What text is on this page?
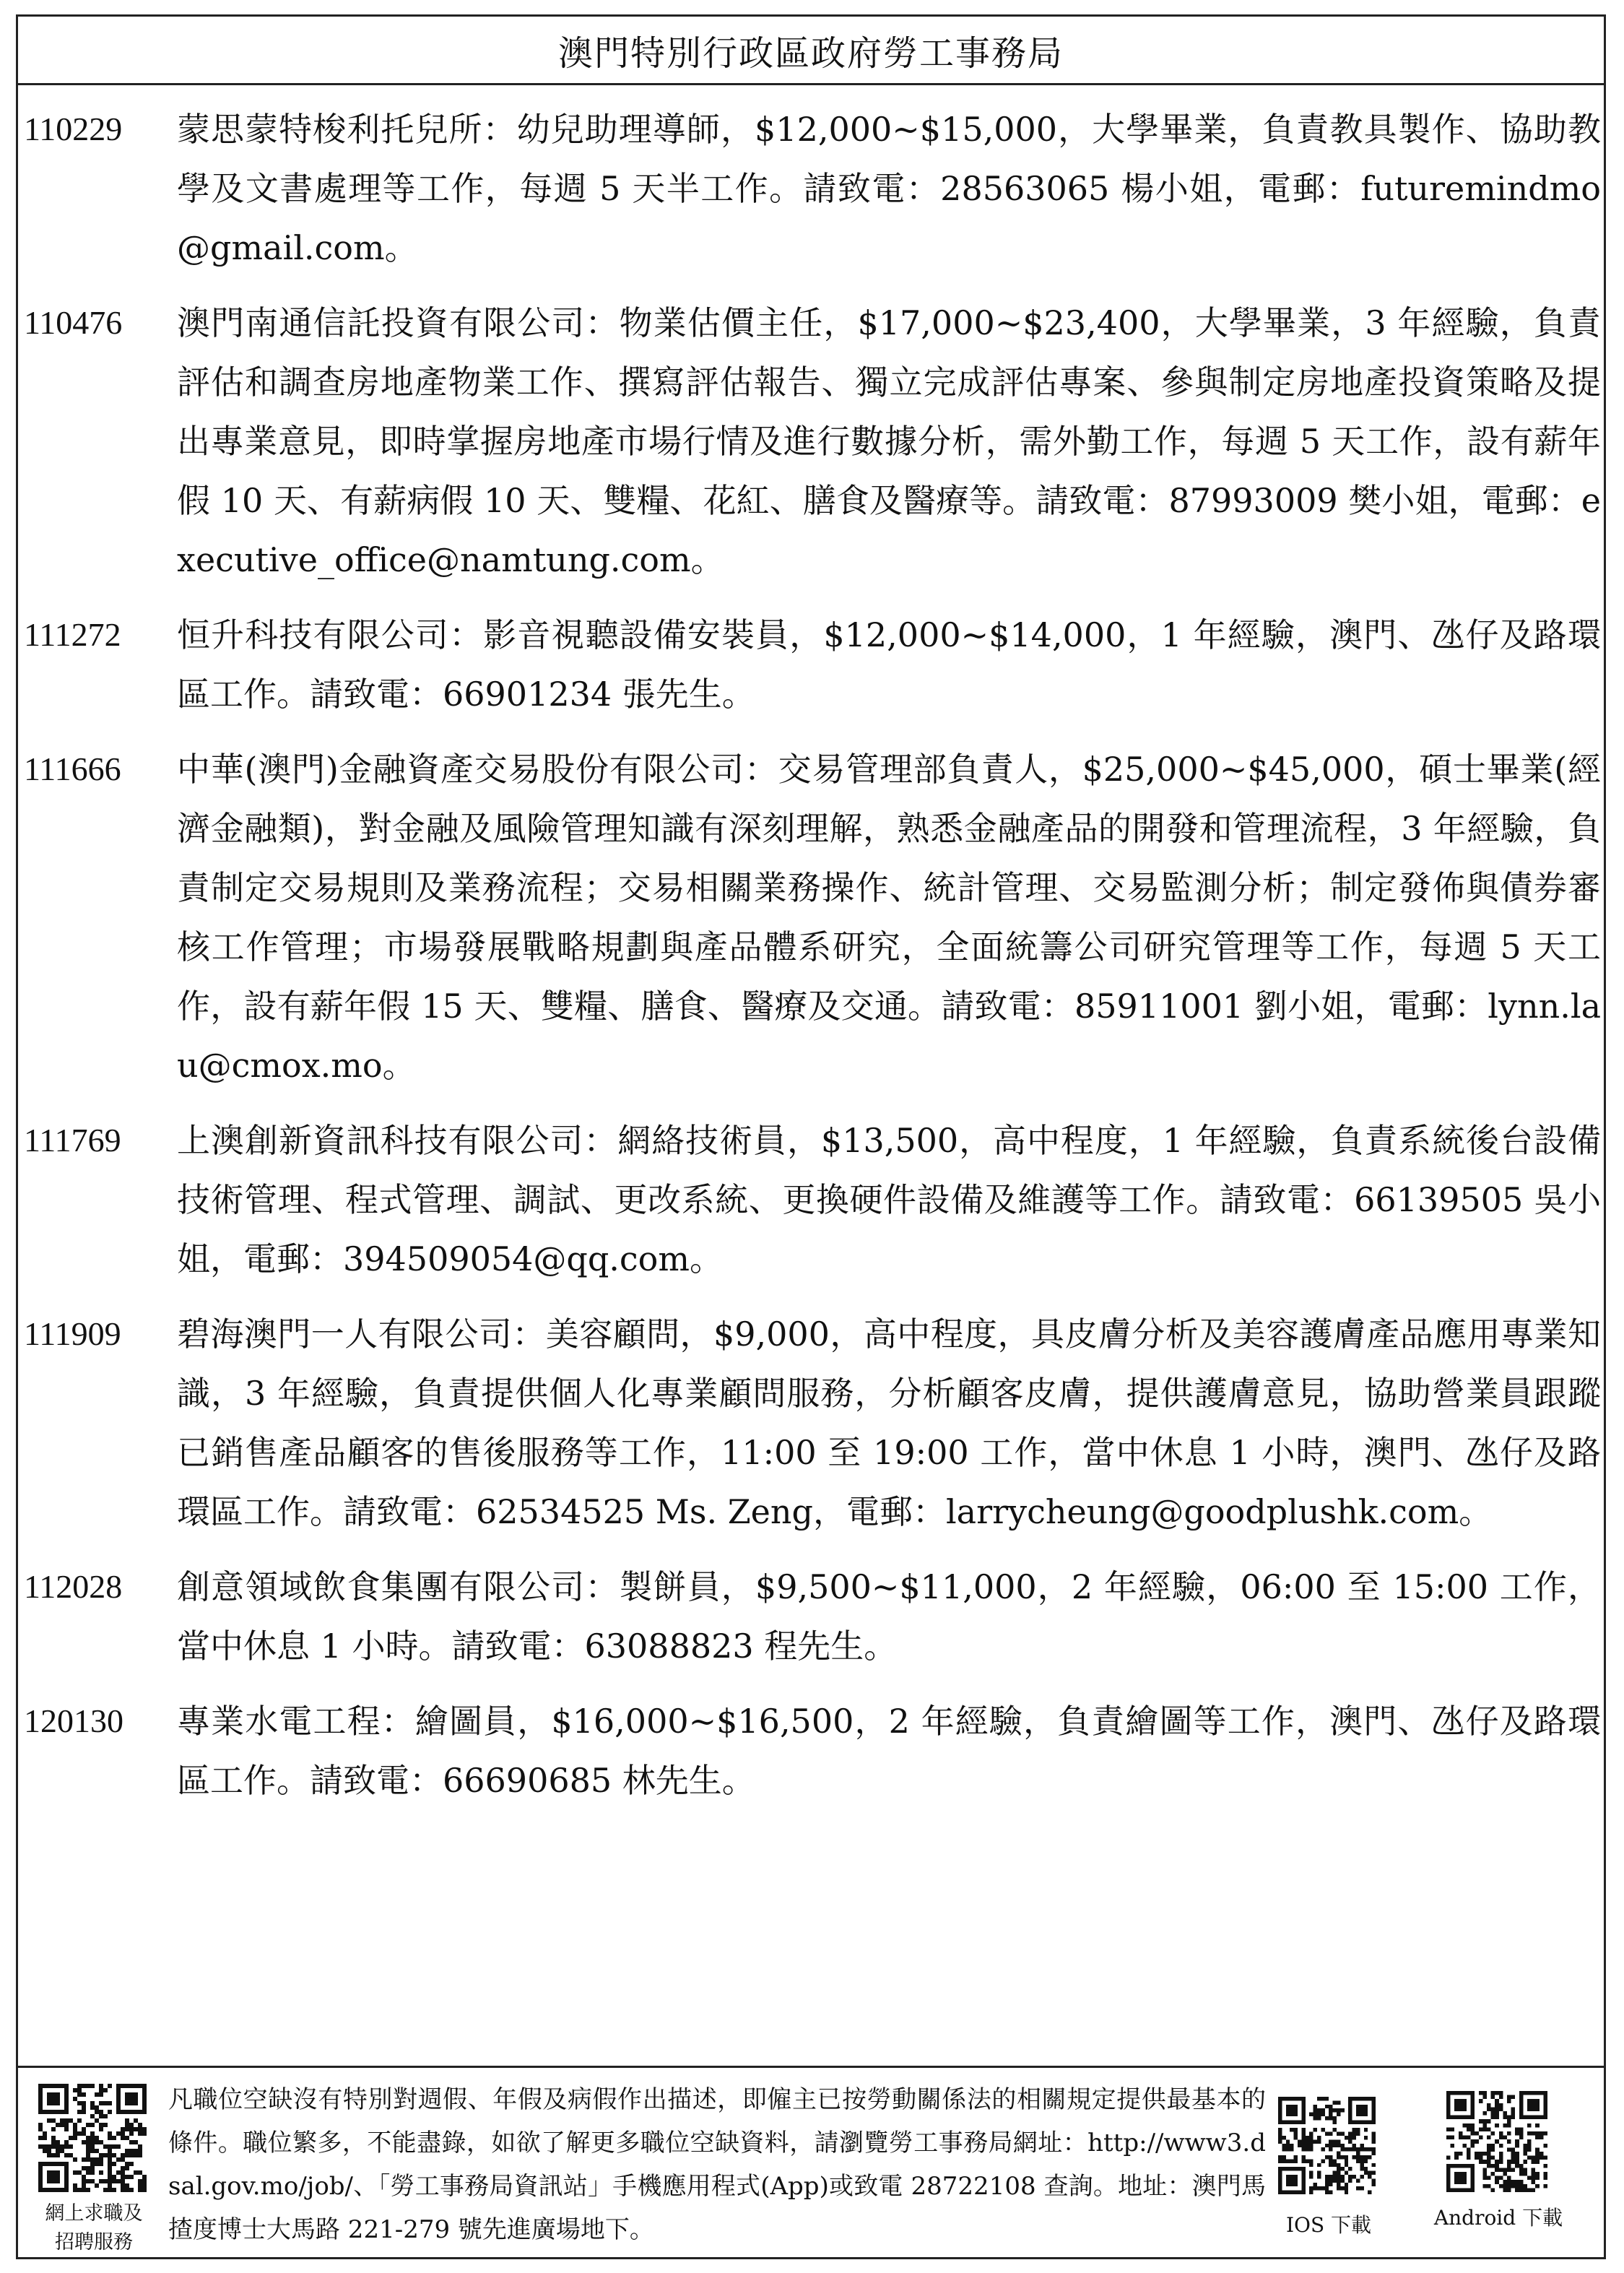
澳門特別行政區政府勞工事務局
110229	蒙思蒙特梭利托兒所：幼兒助理導師，$12,000~$15,000，大學畢業，負責教具製作、協助教學及文書處理等工作，每週 5 天半工作。請致電：28563065 楊小姐，電郵：futuremindmo@gmail.com。
110476	澳門南通信託投資有限公司：物業估價主任，$17,000~$23,400，大學畢業，3 年經驗，負責評估和調查房地產物業工作、撰寫評估報告、獨立完成評估專案、參與制定房地產投資策略及提出專業意見，即時掌握房地產市場行情及進行數據分析，需外勤工作，每週 5 天工作，設有薪年假 10 天、有薪病假 10 天、雙糧、花紅、膳食及醫療等。請致電：87993009 樊小姐，電郵：executive_office@namtung.com。
111272	恒升科技有限公司：影音視聽設備安裝員，$12,000~$14,000，1 年經驗，澳門、氹仔及路環區工作。請致電：66901234 張先生。
111666	中華(澳門)金融資產交易股份有限公司：交易管理部負責人，$25,000~$45,000，碩士畢業(經濟金融類)，對金融及風險管理知識有深刻理解，熟悉金融產品的開發和管理流程，3 年經驗，負責制定交易規則及業務流程；交易相關業務操作、統計管理、交易監測分析；制定發佈與債券審核工作管理；市場發展戰略規劃與產品體系研究，全面統籌公司研究管理等工作，每週 5 天工作，設有薪年假 15 天、雙糧、膳食、醫療及交通。請致電：85911001 劉小姐，電郵：lynn.lau@cmox.mo。
111769	上澳創新資訊科技有限公司：網絡技術員，$13,500，高中程度，1 年經驗，負責系統後台設備技術管理、程式管理、調試、更改系統、更換硬件設備及維護等工作。請致電：66139505 吳小姐，電郵：394509054@qq.com。
111909	碧海澳門一人有限公司：美容顧問，$9,000，高中程度，具皮膚分析及美容護膚產品應用專業知識，3 年經驗，負責提供個人化專業顧問服務，分析顧客皮膚，提供護膚意見，協助營業員跟蹤已銷售產品顧客的售後服務等工作，11:00 至 19:00 工作，當中休息 1 小時，澳門、氹仔及路環區工作。請致電：62534525 Ms. Zeng，電郵：larrycheung@goodplushk.com。
112028	創意領域飲食集團有限公司：製餅員，$9,500~$11,000，2 年經驗，06:00 至 15:00 工作，當中休息 1 小時。請致電：63088823 程先生。
120130	專業水電工程：繪圖員，$16,000~$16,500，2 年經驗，負責繪圖等工作，澳門、氹仔及路環區工作。請致電：66690685 林先生。
網上求職及
招聘服務
凡職位空缺沒有特別對週假、年假及病假作出描述，即僱主已按勞動關係法的相關規定提供最基本的條件。職位繁多，不能盡錄，如欲了解更多職位空缺資料，請瀏覽勞工事務局網址：http://www3.dsal.gov.mo/job/、「勞工事務局資訊站」手機應用程式(App)或致電 28722108 查詢。地址：澳門馬揸度博士大馬路 221-279 號先進廣場地下。	IOS 下載	Android 下載
